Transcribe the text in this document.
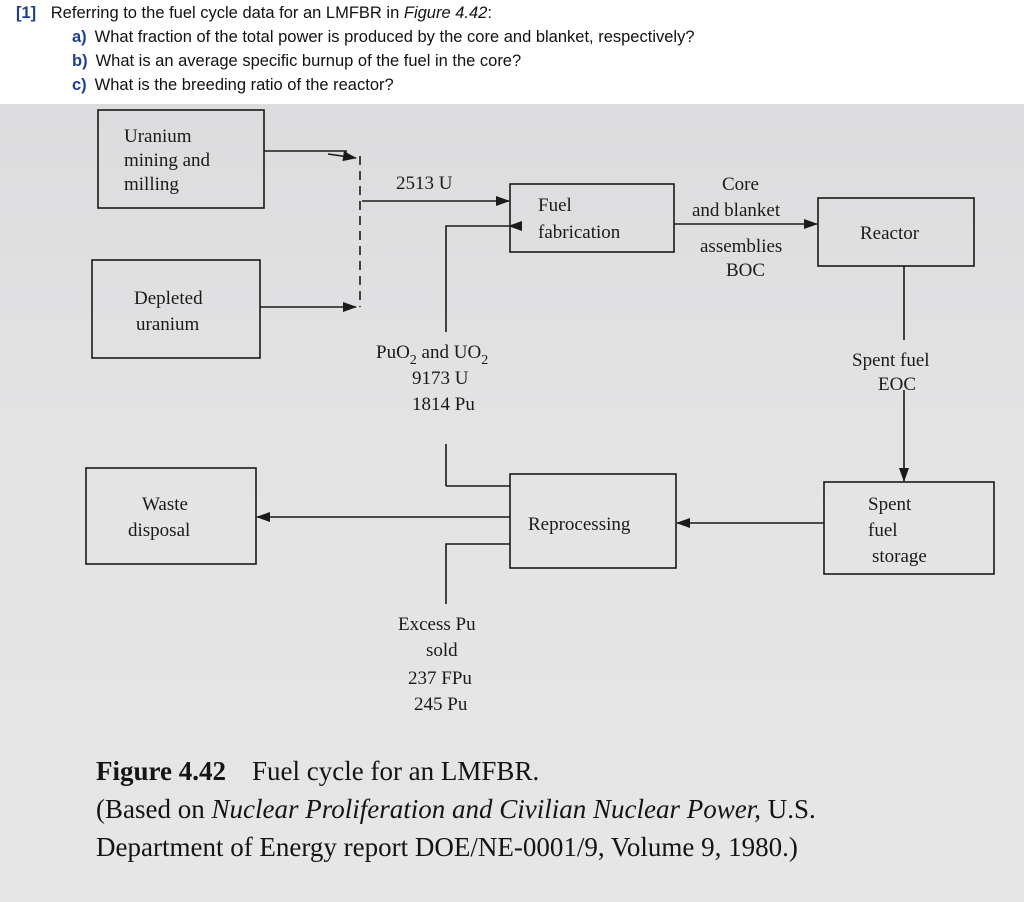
[1] Referring to the fuel cycle data for an LMFBR in Figure 4.42:
a) What fraction of the total power is produced by the core and blanket, respectively?
b) What is an average specific burnup of the fuel in the core?
c) What is the breeding ratio of the reactor?
Uranium mining and milling
Depleted uranium
Fuel fabrication	Reactor
Waste disposal	Reprocessing
Spent fuel storage
2513 U	Core and blanket assemblies BOC
PuO$_2$ and $UO_2$
9173 U
1814 Pu
Spent fuel EOC
Excess Pu sold 237 FPu 245 Pu
Figure 4.42 Fuel cycle for an LMFBR.
(Based on Nuclear Proliferation and Civilian Nuclear Power, U.S.
Department of Energy report DOE/NE-0001/9, Volume 9, 1980.)
